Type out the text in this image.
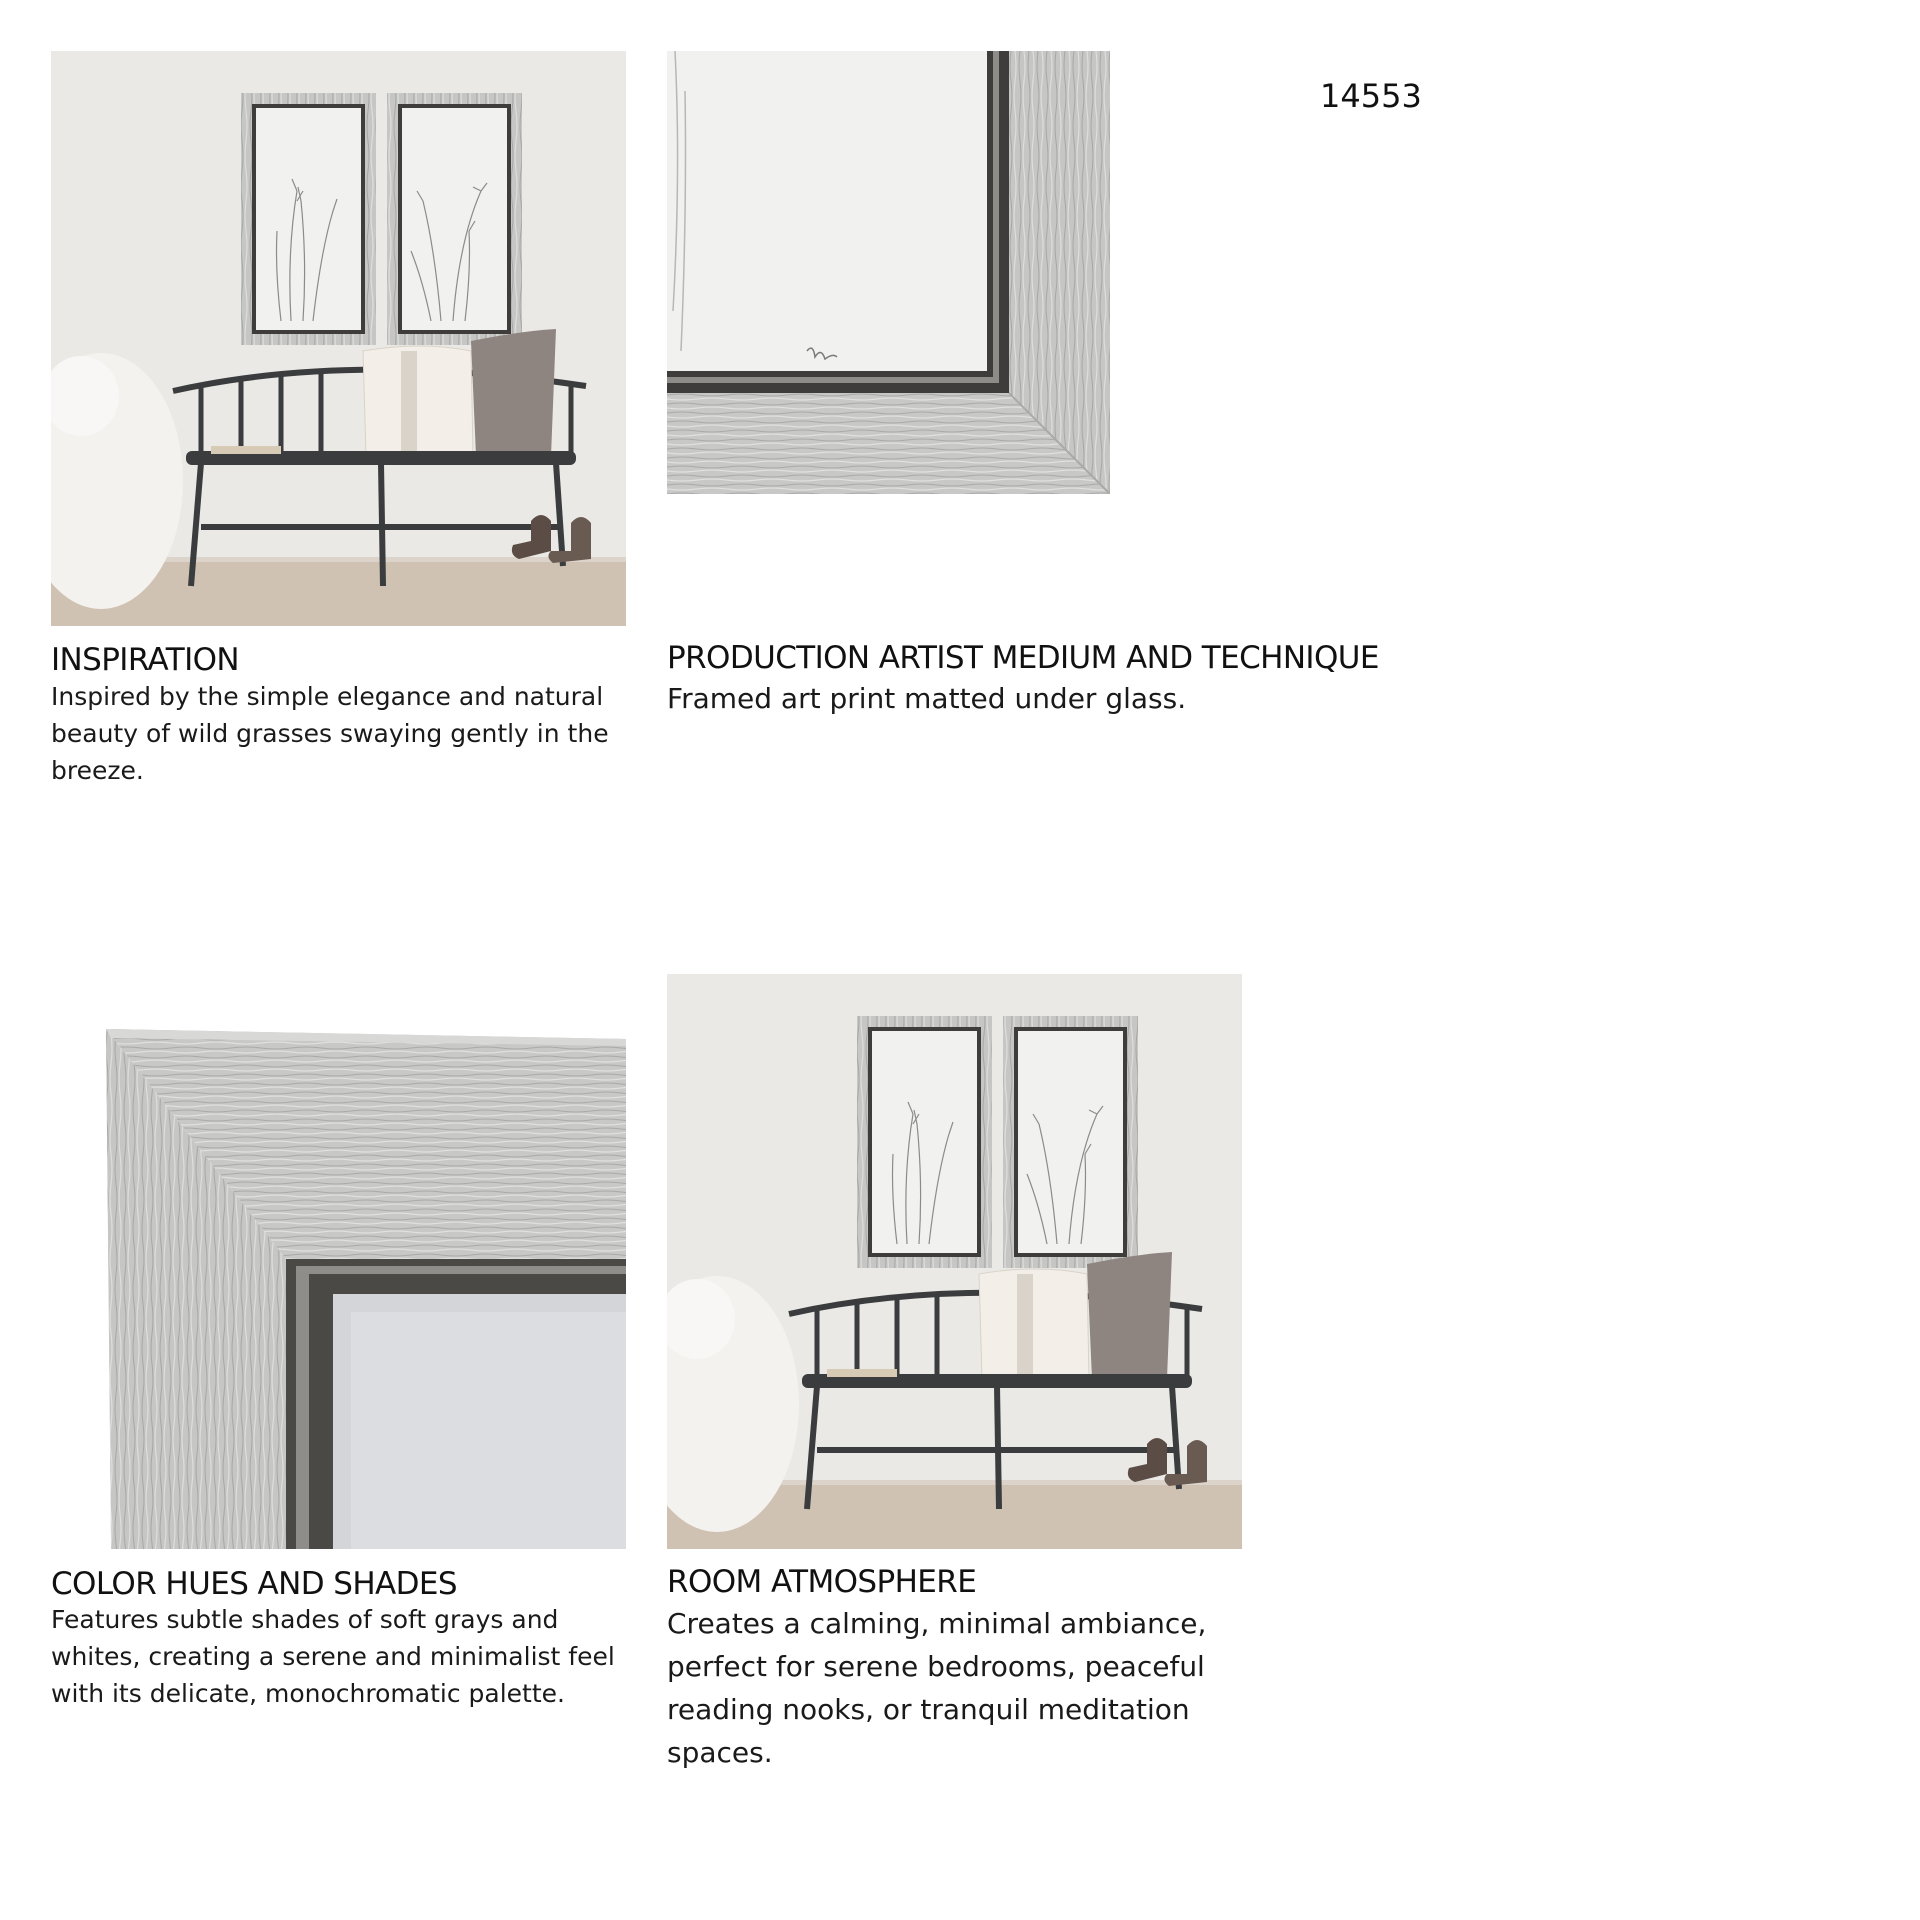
14553
INSPIRATION
Inspired by the simple elegance and natural beauty of wild grasses swaying gently in the breeze.
PRODUCTION ARTIST MEDIUM AND TECHNIQUE
Framed art print matted under glass.
COLOR HUES AND SHADES
Features subtle shades of soft grays and whites, creating a serene and minimalist feel with its delicate, monochromatic palette.
ROOM ATMOSPHERE
Creates a calming, minimal ambiance, perfect for serene bedrooms, peaceful reading nooks, or tranquil meditation spaces.
